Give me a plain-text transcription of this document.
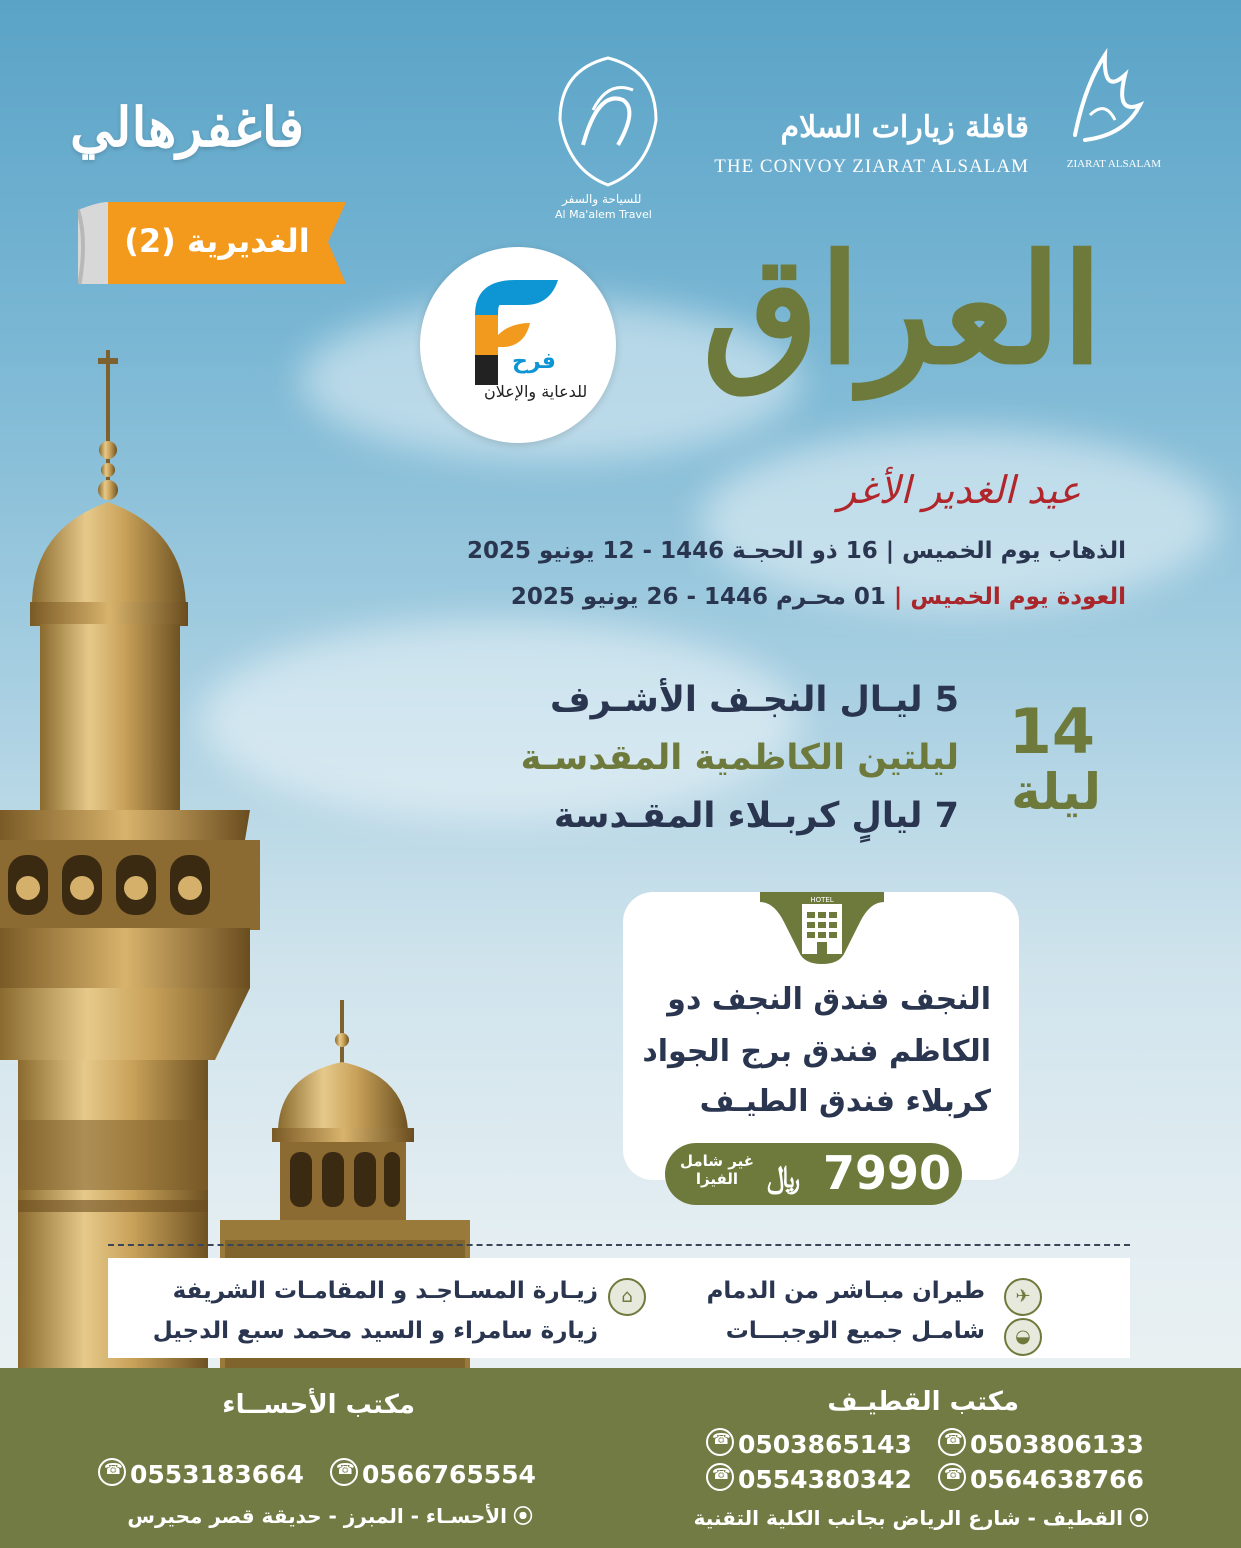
ZIARAT ALSALAM
قافلة زيارات السلام
THE CONVOY ZIARAT ALSALAM
للسياحة والسفر
Al Ma'alem Travel
فاغفرهالي
الغديرية (2)
فرح
للدعاية والإعلان العراق
عيد الغدير الأغر
الذهاب يوم الخميس | 16 ذو الحجـة 1446 - 12 يونيو 2025
العودة يوم الخميس | 01 محـرم 1446 - 26 يونيو 2025
5 ليـال النجـف الأشـرف
ليلتين الكاظمية المقدسـة
7 ليالٍ كربـلاء المقـدسة
14
ليلة
HOTEL
النجف فندق النجف دو
الكاظم فندق برج الجواد
كربلاء فندق الطيـف
7990
﷼
غير شامل
الفيزا
✈
طيران مبـاشر من الدمام
◒
شامـل جميع الوجبـــات
⌂
زيـارة المسـاجـد و المقامـات الشريفة
زيارة سامراء و السيد محمد سبع الدجيل
مكتب القطيـف
☎0503806133
☎0503865143
☎0564638766
☎0554380342
⦿القطيف - شارع الرياض بجانب الكلية التقنية
مكتب الأحســاء
☎0566765554
☎0553183664
⦿الأحسـاء - المبرز - حديقة قصر محيرس
